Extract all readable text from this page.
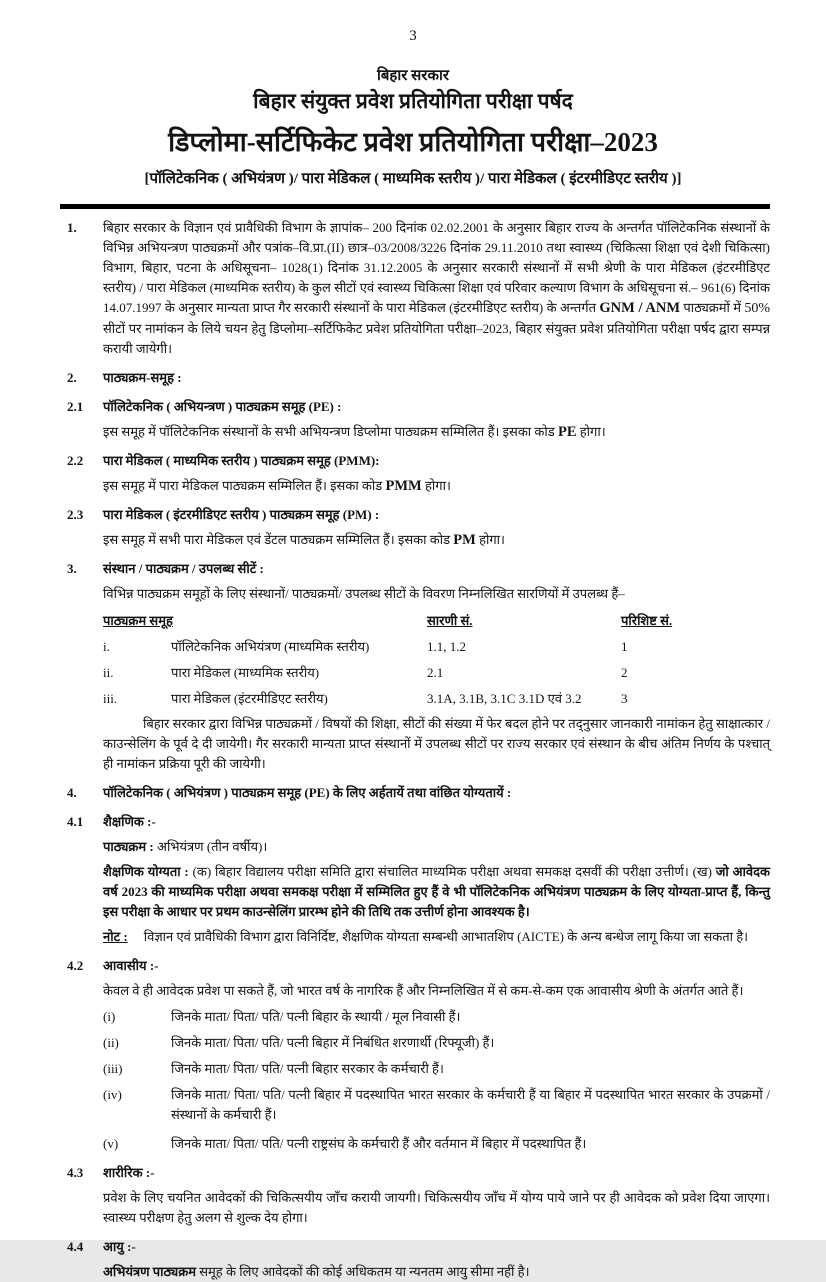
3
बिहार सरकार
बिहार संयुक्त प्रवेश प्रतियोगिता परीक्षा पर्षद
डिप्लोमा-सर्टिफिकेट प्रवेश प्रतियोगिता परीक्षा–2023
[पॉलिटेकनिक ( अभियंत्रण )/ पारा मेडिकल ( माध्यमिक स्तरीय )/ पारा मेडिकल ( इंटरमीडिएट स्तरीय )]
1.	बिहार सरकार के विज्ञान एवं प्रावैधिकी विभाग के ज्ञापांक– 200 दिनांक 02.02.2001 के अनुसार बिहार राज्य के अन्तर्गत पॉलिटेकनिक संस्थानों के विभिन्न अभियन्त्रण पाठ्यक्रमों और पत्रांक–वि.प्रा.(II) छात्र–03/2008/3226 दिनांक 29.11.2010 तथा स्वास्थ्य (चिकित्सा शिक्षा एवं देशी चिकित्सा) विभाग, बिहार, पटना के अधिसूचना– 1028(1) दिनांक 31.12.2005 के अनुसार सरकारी संस्थानों में सभी श्रेणी के पारा मेडिकल (इंटरमीडिएट स्तरीय) / पारा मेडिकल (माध्यमिक स्तरीय) के कुल सीटों एवं स्वास्थ्य चिकित्सा शिक्षा एवं परिवार कल्याण विभाग के अधिसूचना सं.– 961(6) दिनांक 14.07.1997 के अनुसार मान्यता प्राप्त गैर सरकारी संस्थानों के पारा मेडिकल (इंटरमीडिएट स्तरीय) के अन्तर्गत GNM / ANM पाठ्यक्रमों में 50% सीटों पर नामांकन के लिये चयन हेतु डिप्लोमा–सर्टिफिकेट प्रवेश प्रतियोगिता परीक्षा–2023, बिहार संयुक्त प्रवेश प्रतियोगिता परीक्षा पर्षद द्वारा सम्पन्न करायी जायेगी।
2.	पाठ्यक्रम-समूह :
2.1	पॉलिटेकनिक ( अभियन्त्रण ) पाठ्यक्रम समूह (PE) :
इस समूह में पॉलिटेकनिक संस्थानों के सभी अभियन्त्रण डिप्लोमा पाठ्यक्रम सम्मिलित हैं। इसका कोड PE होगा।
2.2	पारा मेडिकल ( माध्यमिक स्तरीय ) पाठ्यक्रम समूह (PMM):
इस समूह में पारा मेडिकल पाठ्यक्रम सम्मिलित हैं। इसका कोड PMM होगा।
2.3	पारा मेडिकल ( इंटरमीडिएट स्तरीय ) पाठ्यक्रम समूह (PM) :
इस समूह में सभी पारा मेडिकल एवं डेंटल पाठ्यक्रम सम्मिलित हैं। इसका कोड PM होगा।
3.	संस्थान / पाठ्यक्रम / उपलब्ध सीटें :
विभिन्न पाठ्यक्रम समूहों के लिए संस्थानों/ पाठ्यक्रमों/ उपलब्ध सीटों के विवरण निम्नलिखित सारणियों में उपलब्ध हैं–
पाठ्यक्रम समूह	सारणी सं.	परिशिष्ट सं.
i.	पॉलिटेकनिक अभियंत्रण (माध्यमिक स्तरीय)	1.1, 1.2	1
ii.	पारा मेडिकल (माध्यमिक स्तरीय)	2.1	2
iii.	पारा मेडिकल (इंटरमीडिएट स्तरीय)	3.1A, 3.1B, 3.1C 3.1D एवं 3.2	3
बिहार सरकार द्वारा विभिन्न पाठ्यक्रमों / विषयों की शिक्षा, सीटों की संख्या में फेर बदल होने पर तद्नुसार जानकारी नामांकन हेतु साक्षात्कार / काउन्सेलिंग के पूर्व दे दी जायेगी। गैर सरकारी मान्यता प्राप्त संस्थानों में उपलब्ध सीटों पर राज्य सरकार एवं संस्थान के बीच अंतिम निर्णय के पश्चात् ही नामांकन प्रक्रिया पूरी की जायेगी।
4.	पॉलिटेकनिक ( अभियंत्रण ) पाठ्यक्रम समूह (PE) के लिए अर्हतायें तथा वांछित योग्यतायें :
4.1	शैक्षणिक :-
पाठ्यक्रम : अभियंत्रण (तीन वर्षीय)।
शैक्षणिक योग्यता : (क) बिहार विद्यालय परीक्षा समिति द्वारा संचालित माध्यमिक परीक्षा अथवा समकक्ष दसवीं की परीक्षा उत्तीर्ण। (ख) जो आवेदक वर्ष 2023 की माध्यमिक परीक्षा अथवा समकक्ष परीक्षा में सम्मिलित हुए हैं वे भी पॉलिटेकनिक अभियंत्रण पाठ्यक्रम के लिए योग्यता-प्राप्त हैं, किन्तु इस परीक्षा के आधार पर प्रथम काउन्सेलिंग प्रारम्भ होने की तिथि तक उत्तीर्ण होना आवश्यक है।
नोट : विज्ञान एवं प्रावैधिकी विभाग द्वारा विनिर्दिष्ट, शैक्षणिक योग्यता सम्बन्धी आभातशिप (AICTE) के अन्य बन्धेज लागू किया जा सकता है।
4.2	आवासीय :-
केवल वे ही आवेदक प्रवेश पा सकते हैं, जो भारत वर्ष के नागरिक हैं और निम्नलिखित में से कम-से-कम एक आवासीय श्रेणी के अंतर्गत आते हैं।
(i)	जिनके माता/ पिता/ पति/ पत्नी बिहार के स्थायी / मूल निवासी हैं।
(ii)	जिनके माता/ पिता/ पति/ पत्नी बिहार में निबंधित शरणार्थी (रिफ्यूजी) हैं।
(iii)	जिनके माता/ पिता/ पति/ पत्नी बिहार सरकार के कर्मचारी हैं।
(iv)	जिनके माता/ पिता/ पति/ पत्नी बिहार में पदस्थापित भारत सरकार के कर्मचारी हैं या बिहार में पदस्थापित भारत सरकार के उपक्रमों / संस्थानों के कर्मचारी हैं।
(v)	जिनके माता/ पिता/ पति/ पत्नी राष्ट्रसंघ के कर्मचारी हैं और वर्तमान में बिहार में पदस्थापित हैं।
4.3	शारीरिक :-
प्रवेश के लिए चयनित आवेदकों की चिकित्सयीय जाँच करायी जायगी। चिकित्सयीय जाँच में योग्य पाये जाने पर ही आवेदक को प्रवेश दिया जाएगा। स्वास्थ्य परीक्षण हेतु अलग से शुल्क देय होगा।
4.4	आयु :-
अभियंत्रण पाठ्यक्रम समूह के लिए आवेदकों की कोई अधिकतम या न्यनतम आयु सीमा नहीं है।
